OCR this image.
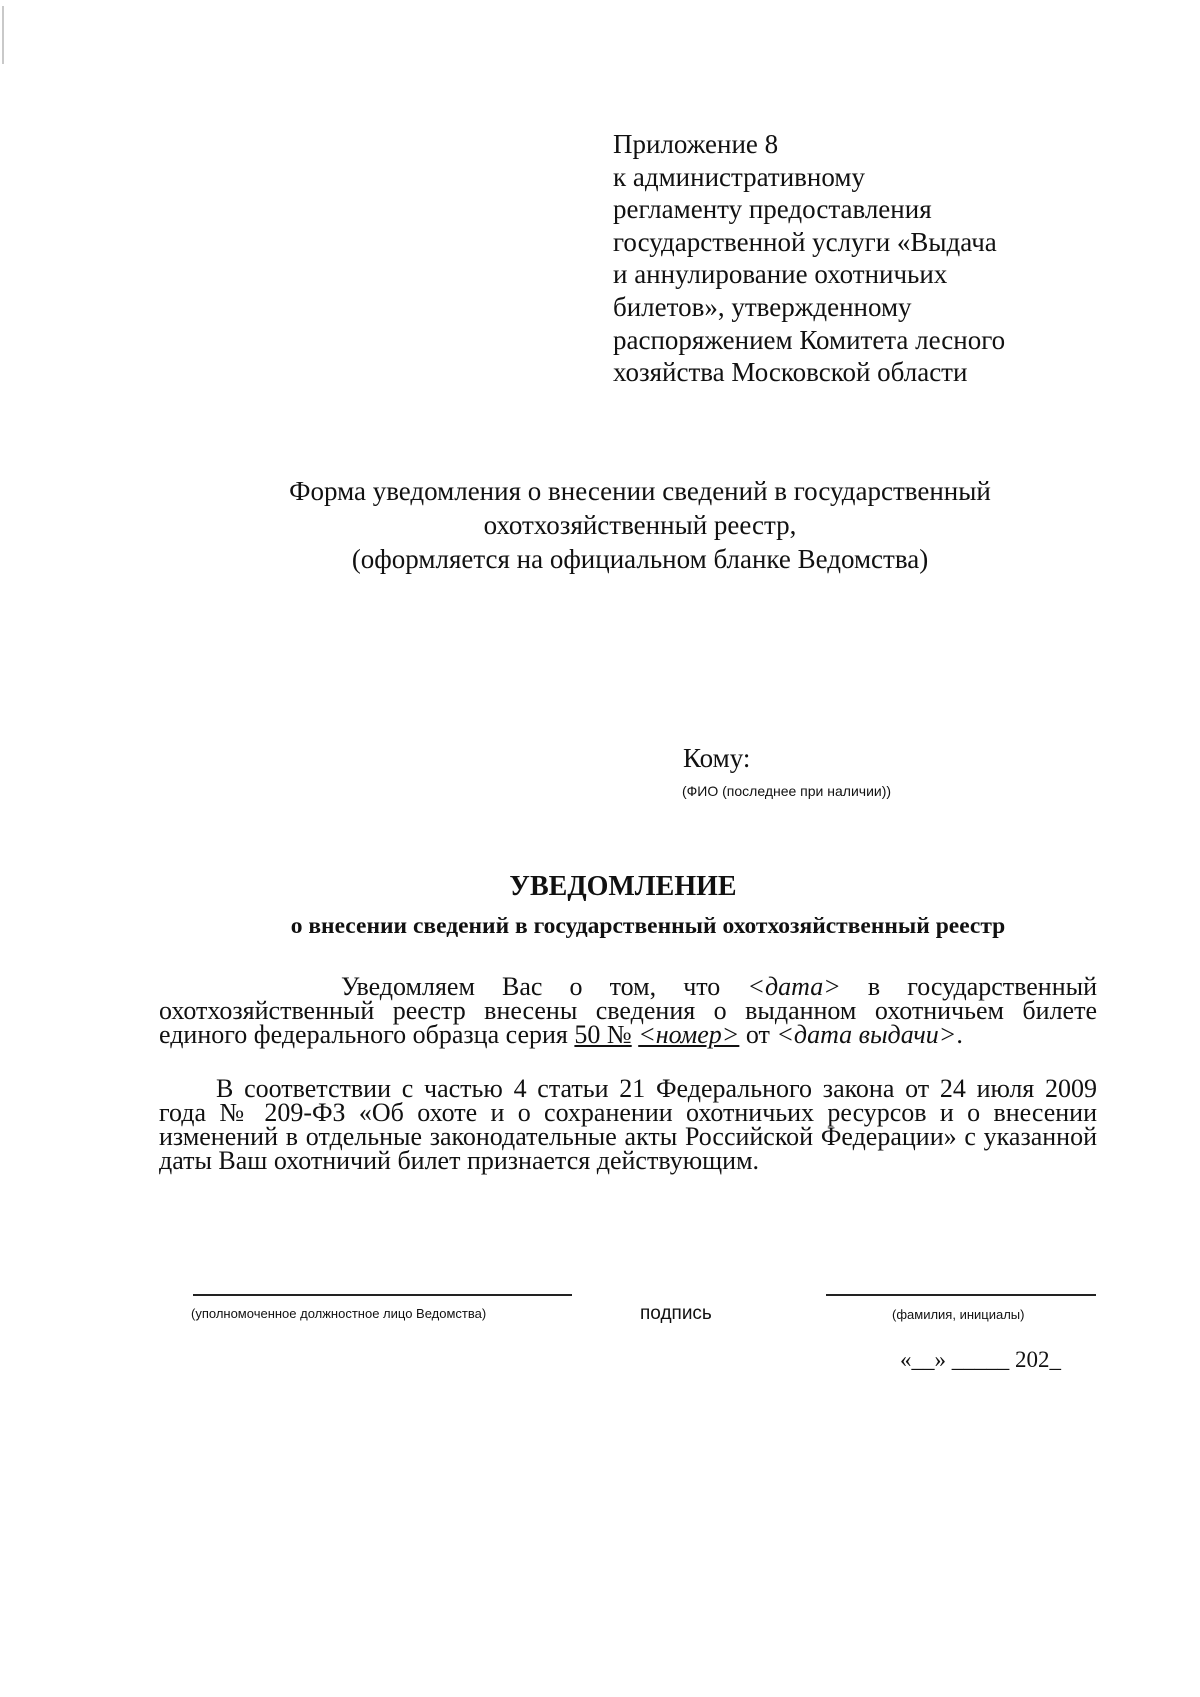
Приложение 8
к административному
регламенту предоставления
государственной услуги «Выдача
и аннулирование охотничьих
билетов», утвержденному
распоряжением Комитета лесного
хозяйства Московской области
Форма уведомления о внесении сведений в государственный
охотхозяйственный реестр,
(оформляется на официальном бланке Ведомства)
Кому:
(ФИО (последнее при наличии))
УВЕДОМЛЕНИЕ
о внесении сведений в государственный охотхозяйственный реестр
Уведомляем Вас о том, что <дата> в государственный охотхозяйственный реестр внесены сведения о выданном охотничьем билете единого федерального образца серия 50 № <номер> от <дата выдачи>.
В соответствии с частью 4 статьи 21 Федерального закона от 24 июля 2009 года № 209-ФЗ «Об охоте и о сохранении охотничьих ресурсов и о внесении изменений в отдельные законодательные акты Российской Федерации» с указанной даты Ваш охотничий билет признается действующим.
(уполномоченное должностное лицо Ведомства)	подпись	(фамилия, инициалы)
«__» _____ 202_
